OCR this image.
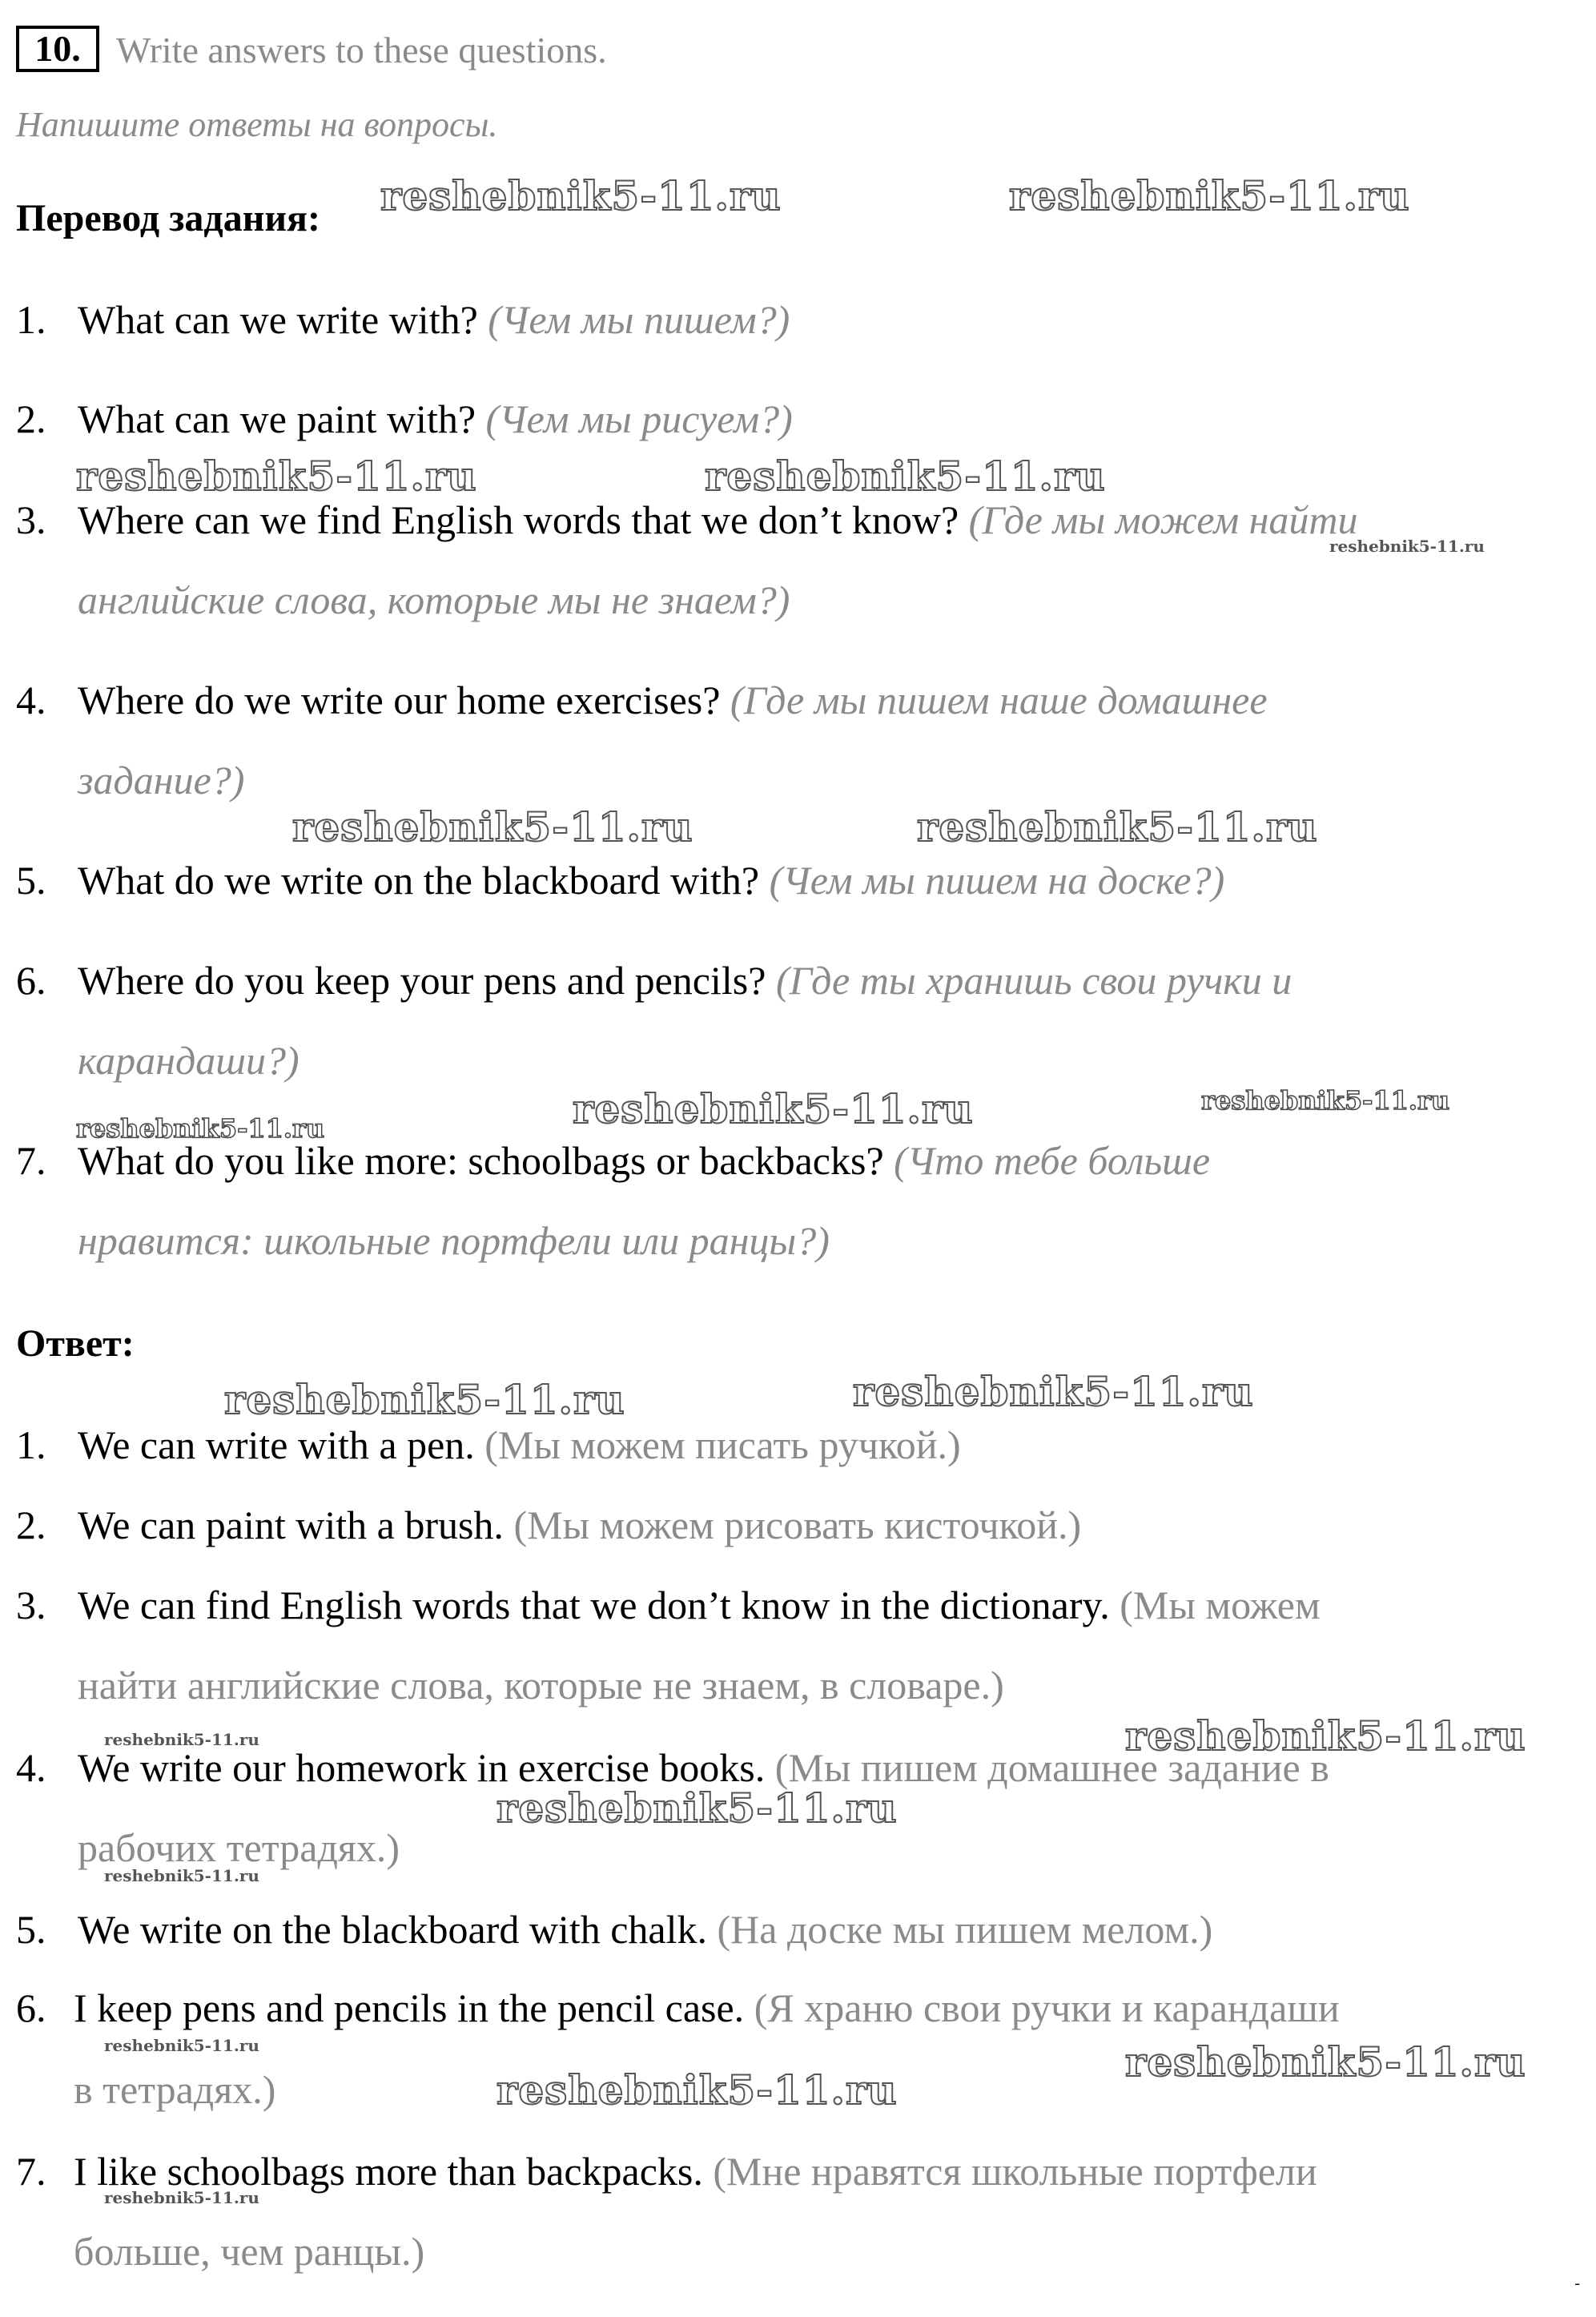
10. Write answers to these questions.
Напишите ответы на вопросы.
Перевод задания:
1. What can we write with? (Чем мы пишем?)
2. What can we paint with? (Чем мы рисуем?)
3. Where can we find English words that we don’t know? (Где мы можем найти
английские слова, которые мы не знаем?)
4. Where do we write our home exercises? (Где мы пишем наше домашнее
задание?)
5. What do we write on the blackboard with? (Чем мы пишем на доске?)
6. Where do you keep your pens and pencils? (Где ты хранишь свои ручки и
карандаши?)
7. What do you like more: schoolbags or backbacks? (Что тебе больше
нравится: школьные портфели или ранцы?)
Ответ:
1. We can write with a pen. (Мы можем писать ручкой.)
2. We can paint with a brush. (Мы можем рисовать кисточкой.)
3. We can find English words that we don’t know in the dictionary. (Мы можем
найти английские слова, которые не знаем, в словаре.)
4. We write our homework in exercise books. (Мы пишем домашнее задание в
рабочих тетрадях.)
5. We write on the blackboard with chalk. (На доске мы пишем мелом.)
6. I keep pens and pencils in the pencil case. (Я храню свои ручки и карандаши
в тетрадях.)
7. I like schoolbags more than backpacks. (Мне нравятся школьные портфели
больше, чем ранцы.)
reshebnik5-11.ru	reshebnik5-11.ru
reshebnik5-11.ru	reshebnik5-11.ru
reshebnik5-11.ru
reshebnik5-11.ru	reshebnik5-11.ru
reshebnik5-11.ru	reshebnik5-11.ru	reshebnik5-11.ru
reshebnik5-11.ru	reshebnik5-11.ru
reshebnik5-11.ru	reshebnik5-11.ru
reshebnik5-11.ru
reshebnik5-11.ru
reshebnik5-11.ru	reshebnik5-11.ru
reshebnik5-11.ru
reshebnik5-11.ru
-
